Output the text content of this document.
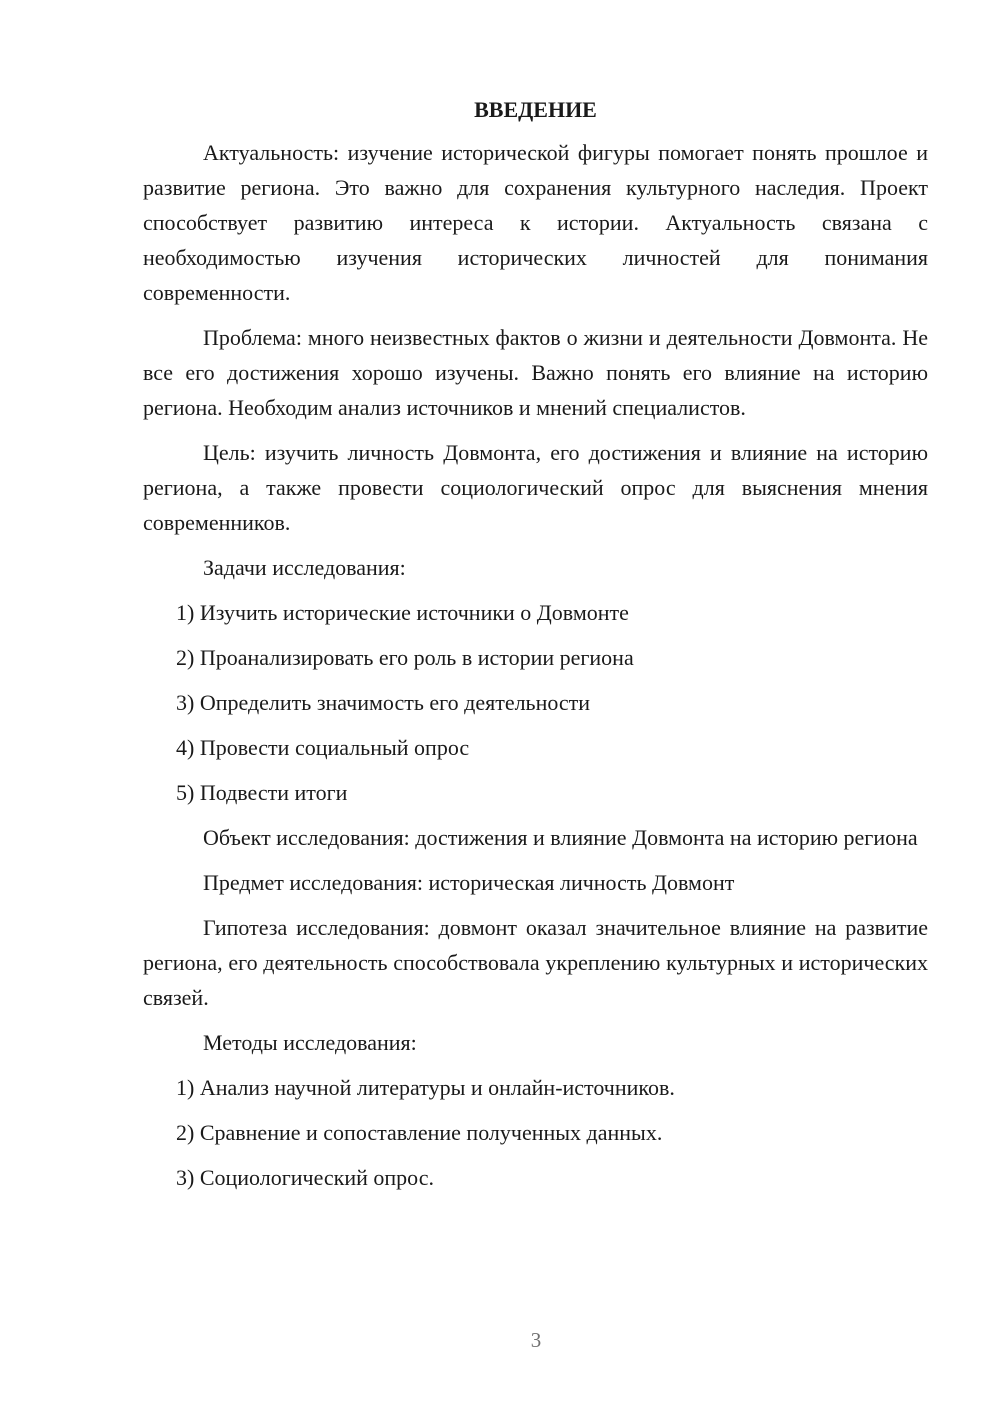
ВВЕДЕНИЕ

Актуальность: изучение исторической фигуры помогает понять прошлое и развитие региона. Это важно для сохранения культурного наследия. Проект способствует развитию интереса к истории. Актуальность связана с необходимостью изучения исторических личностей для понимания современности.

Проблема: много неизвестных фактов о жизни и деятельности Довмонта. Не все его достижения хорошо изучены. Важно понять его влияние на историю региона. Необходим анализ источников и мнений специалистов.

Цель: изучить личность Довмонта, его достижения и влияние на историю региона, а также провести социологический опрос для выяснения мнения современников.

Задачи исследования:

1) Изучить исторические источники о Довмонте
2) Проанализировать его роль в истории региона
3) Определить значимость его деятельности
4) Провести социальный опрос
5) Подвести итоги

Объект исследования: достижения и влияние Довмонта на историю региона

Предмет исследования: историческая личность Довмонт

Гипотеза исследования: довмонт оказал значительное влияние на развитие региона, его деятельность способствовала укреплению культурных и исторических связей.

Методы исследования:

1) Анализ научной литературы и онлайн-источников.
2) Сравнение и сопоставление полученных данных.
3) Социологический опрос.
3
